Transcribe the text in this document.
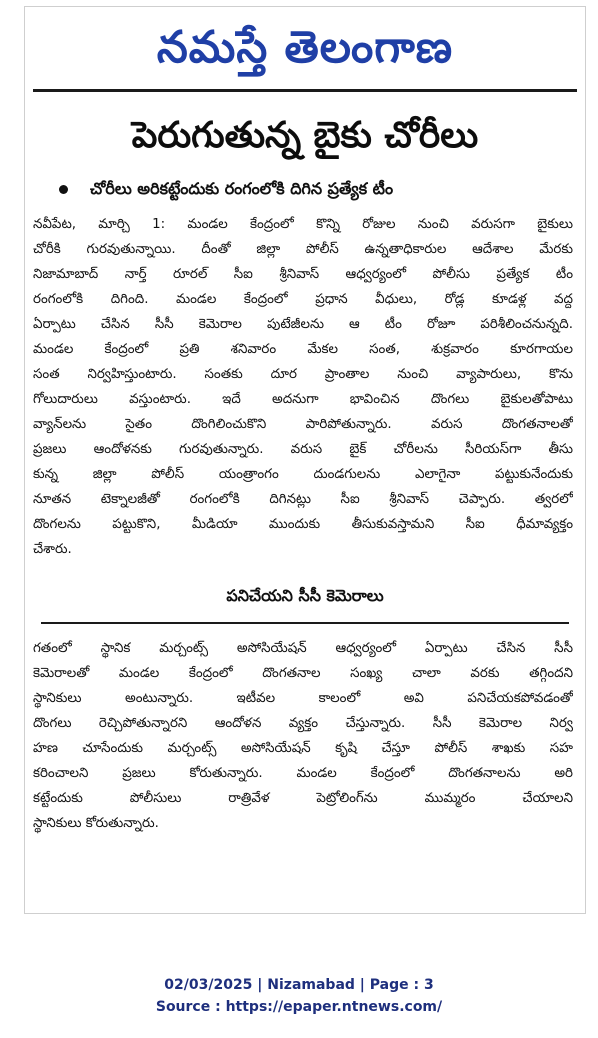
నమస్తే తెలంగాణ
పెరుగుతున్న బైకు చోరీలు
చోరీలు అరికట్టేందుకు రంగంలోకి దిగిన ప్రత్యేక టీం
నవీపేట, మార్చి 1: మండల కేంద్రంలో కొన్ని రోజుల నుంచి వరుసగా బైకులు
చోరీకి గురవుతున్నాయి. దీంతో జిల్లా పోలీస్ ఉన్నతాధికారుల ఆదేశాల మేరకు
నిజామాబాద్ నార్త్ రూరల్ సీఐ శ్రీనివాస్ ఆధ్వర్యంలో పోలీసు ప్రత్యేక టీం
రంగంలోకి దిగింది. మండల కేంద్రంలో ప్రధాన వీధులు, రోడ్ల కూడళ్ల వద్ద
ఏర్పాటు చేసిన సీసీ కెమెరాల పుటేజీలను ఆ టీం రోజూ పరిశీలించనున్నది.
మండల కేంద్రంలో ప్రతి శనివారం మేకల సంత, శుక్రవారం కూరగాయల
సంత నిర్వహిస్తుంటారు. సంతకు దూర ప్రాంతాల నుంచి వ్యాపారులు, కొను
గోలుదారులు వస్తుంటారు. ఇదే అదనుగా భావించిన దొంగలు బైకులతోపాటు
వ్యాన్‌లను సైతం దొంగిలించుకొని పారిపోతున్నారు. వరుస దొంగతనాలతో
ప్రజలు ఆందోళనకు గురవుతున్నారు. వరుస బైక్ చోరీలను సీరియస్‌గా తీసు
కున్న జిల్లా పోలీస్ యంత్రాంగం దుండగులను ఎలాగైనా పట్టుకునేందుకు
నూతన టెక్నాలజీతో రంగంలోకి దిగినట్లు సీఐ శ్రీనివాస్ చెప్పారు. త్వరలో
దొంగలను పట్టుకొని, మీడియా ముందుకు తీసుకువస్తామని సీఐ ధీమావ్యక్తం
చేశారు.
పనిచేయని సీసీ కెమెరాలు
గతంలో స్థానిక మర్చంట్స్ అసోసియేషన్ ఆధ్వర్యంలో ఏర్పాటు చేసిన సీసీ
కెమెరాలతో మండల కేంద్రంలో దొంగతనాల సంఖ్య చాలా వరకు తగ్గిందని
స్థానికులు అంటున్నారు. ఇటీవల కాలంలో అవి పనిచేయకపోవడంతో
దొంగలు రెచ్చిపోతున్నారని ఆందోళన వ్యక్తం చేస్తున్నారు. సీసీ కెమెరాల నిర్వ
హణ చూసేందుకు మర్చంట్స్ అసోసియేషన్ కృషి చేస్తూ పోలీస్ శాఖకు సహ
కరించాలని ప్రజలు కోరుతున్నారు. మండల కేంద్రంలో దొంగతనాలను అరి
కట్టేందుకు పోలీసులు రాత్రివేళ పెట్రోలింగ్‌ను ముమ్మరం చేయాలని
స్థానికులు కోరుతున్నారు.
02/03/2025 | Nizamabad | Page : 3
Source : https://epaper.ntnews.com/
